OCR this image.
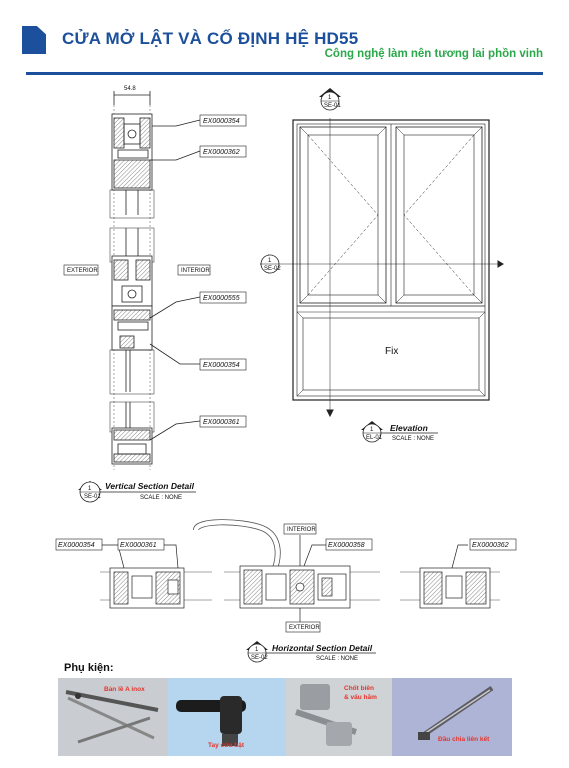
CỬA MỞ LẬT VÀ CỐ ĐỊNH HỆ HD55
Công nghệ làm nên tương lai phồn vinh
54.8
EX0000354
EX0000362
EX0000555
EX0000354
EX0000361
EXTERIOR	INTERIOR
1
SE-01
Vertical Section Detail
SCALE : NONE
1
SE-01
1
SE-02
Fix
1
EL-01
Elevation
SCALE : NONE
EX0000354	EX0000361	EX0000358	EX0000362
INTERIOR
EXTERIOR
1
SE-02
Horizontal Section Detail
SCALE : NONE
Phụ kiện:
Bản lề A inox
Tay cửa bật
Chốt biên
& vấu hãm
Đầu chia liên kết
